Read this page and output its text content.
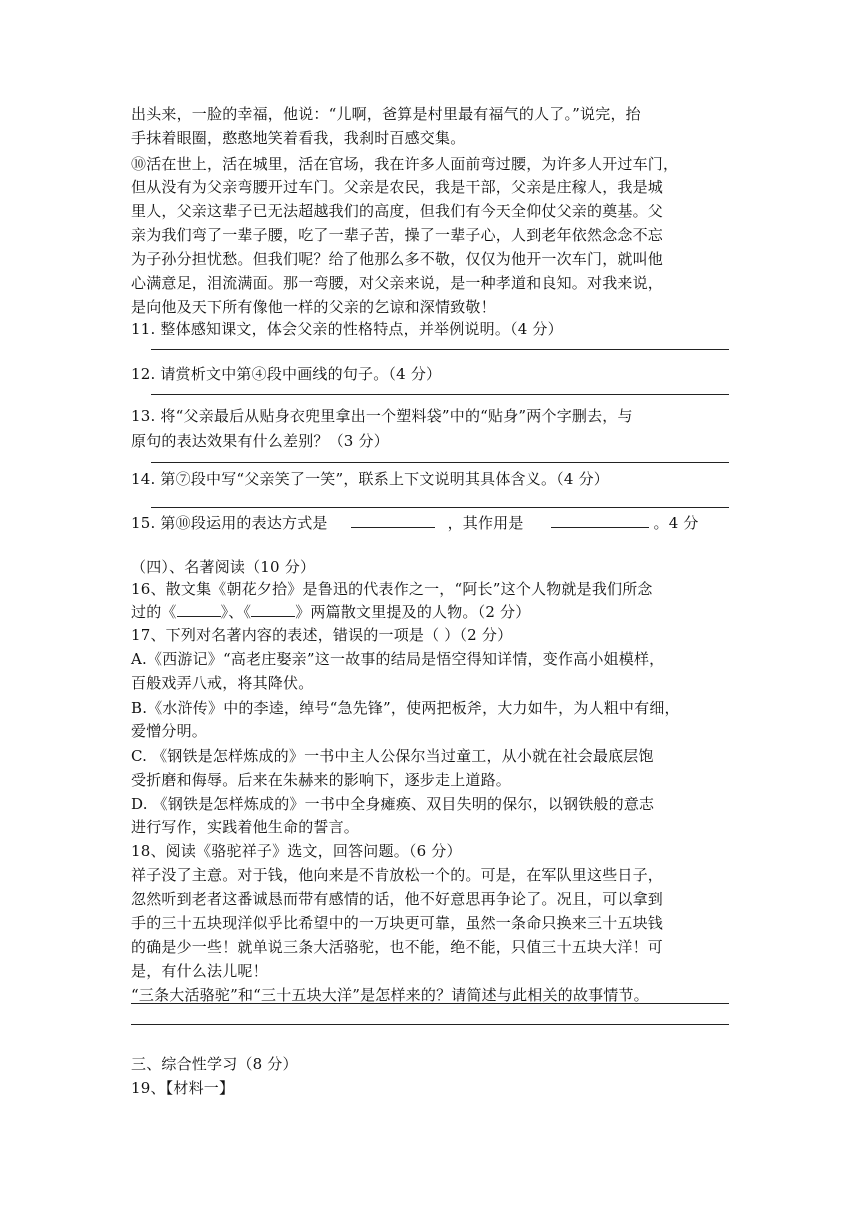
出头来，一脸的幸福，他说：“儿啊，爸算是村里最有福气的人了。”说完，抬
手抹着眼圈，憨憨地笑着看我，我刹时百感交集。
⑩活在世上，活在城里，活在官场，我在许多人面前弯过腰，为许多人开过车门，
但从没有为父亲弯腰开过车门。父亲是农民，我是干部，父亲是庄稼人，我是城
里人，父亲这辈子已无法超越我们的高度，但我们有今天全仰仗父亲的奠基。父
亲为我们弯了一辈子腰，吃了一辈子苦，操了一辈子心，人到老年依然念念不忘
为子孙分担忧愁。但我们呢？给了他那么多不敬，仅仅为他开一次车门，就叫他
心满意足，泪流满面。那一弯腰，对父亲来说，是一种孝道和良知。对我来说，
是向他及天下所有像他一样的父亲的乞谅和深情致敬！
11. 整体感知课文，体会父亲的性格特点，并举例说明。（4 分）
12. 请赏析文中第④段中画线的句子。（4 分）
13. 将“父亲最后从贴身衣兜里拿出一个塑料袋”中的“贴身”两个字删去，与
原句的表达效果有什么差别？（3 分）
14. 第⑦段中写“父亲笑了一笑”，联系上下文说明其具体含义。（4 分）
15. 第⑩段运用的表达方式是	，其作用是	。4 分
（四）、名著阅读（10 分）
16、散文集《朝花夕拾》是鲁迅的代表作之一，“阿长”这个人物就是我们所念
过的《	》、《	》两篇散文里提及的人物。（2 分）
17、下列对名著内容的表述，错误的一项是（ ）（2 分）
A.《西游记》“高老庄娶亲”这一故事的结局是悟空得知详情，变作高小姐模样，
百般戏弄八戒，将其降伏。
B.《水浒传》中的李逵，绰号“急先锋”，使两把板斧，大力如牛，为人粗中有细，
爱憎分明。
C. 《钢铁是怎样炼成的》一书中主人公保尔当过童工，从小就在社会最底层饱
受折磨和侮辱。后来在朱赫来的影响下，逐步走上道路。
D. 《钢铁是怎样炼成的》一书中全身瘫痪、双目失明的保尔，以钢铁般的意志
进行写作，实践着他生命的誓言。
18、阅读《骆驼祥子》选文，回答问题。（6 分）
祥子没了主意。对于钱，他向来是不肯放松一个的。可是，在军队里这些日子，
忽然听到老者这番诚恳而带有感情的话，他不好意思再争论了。况且，可以拿到
手的三十五块现洋似乎比希望中的一万块更可靠，虽然一条命只换来三十五块钱
的确是少一些！就单说三条大活骆驼，也不能，绝不能，只值三十五块大洋！可
是，有什么法儿呢！
“三条大活骆驼”和“三十五块大洋”是怎样来的？请简述与此相关的故事情节。
三、综合性学习（8 分）
19、【材料一】
